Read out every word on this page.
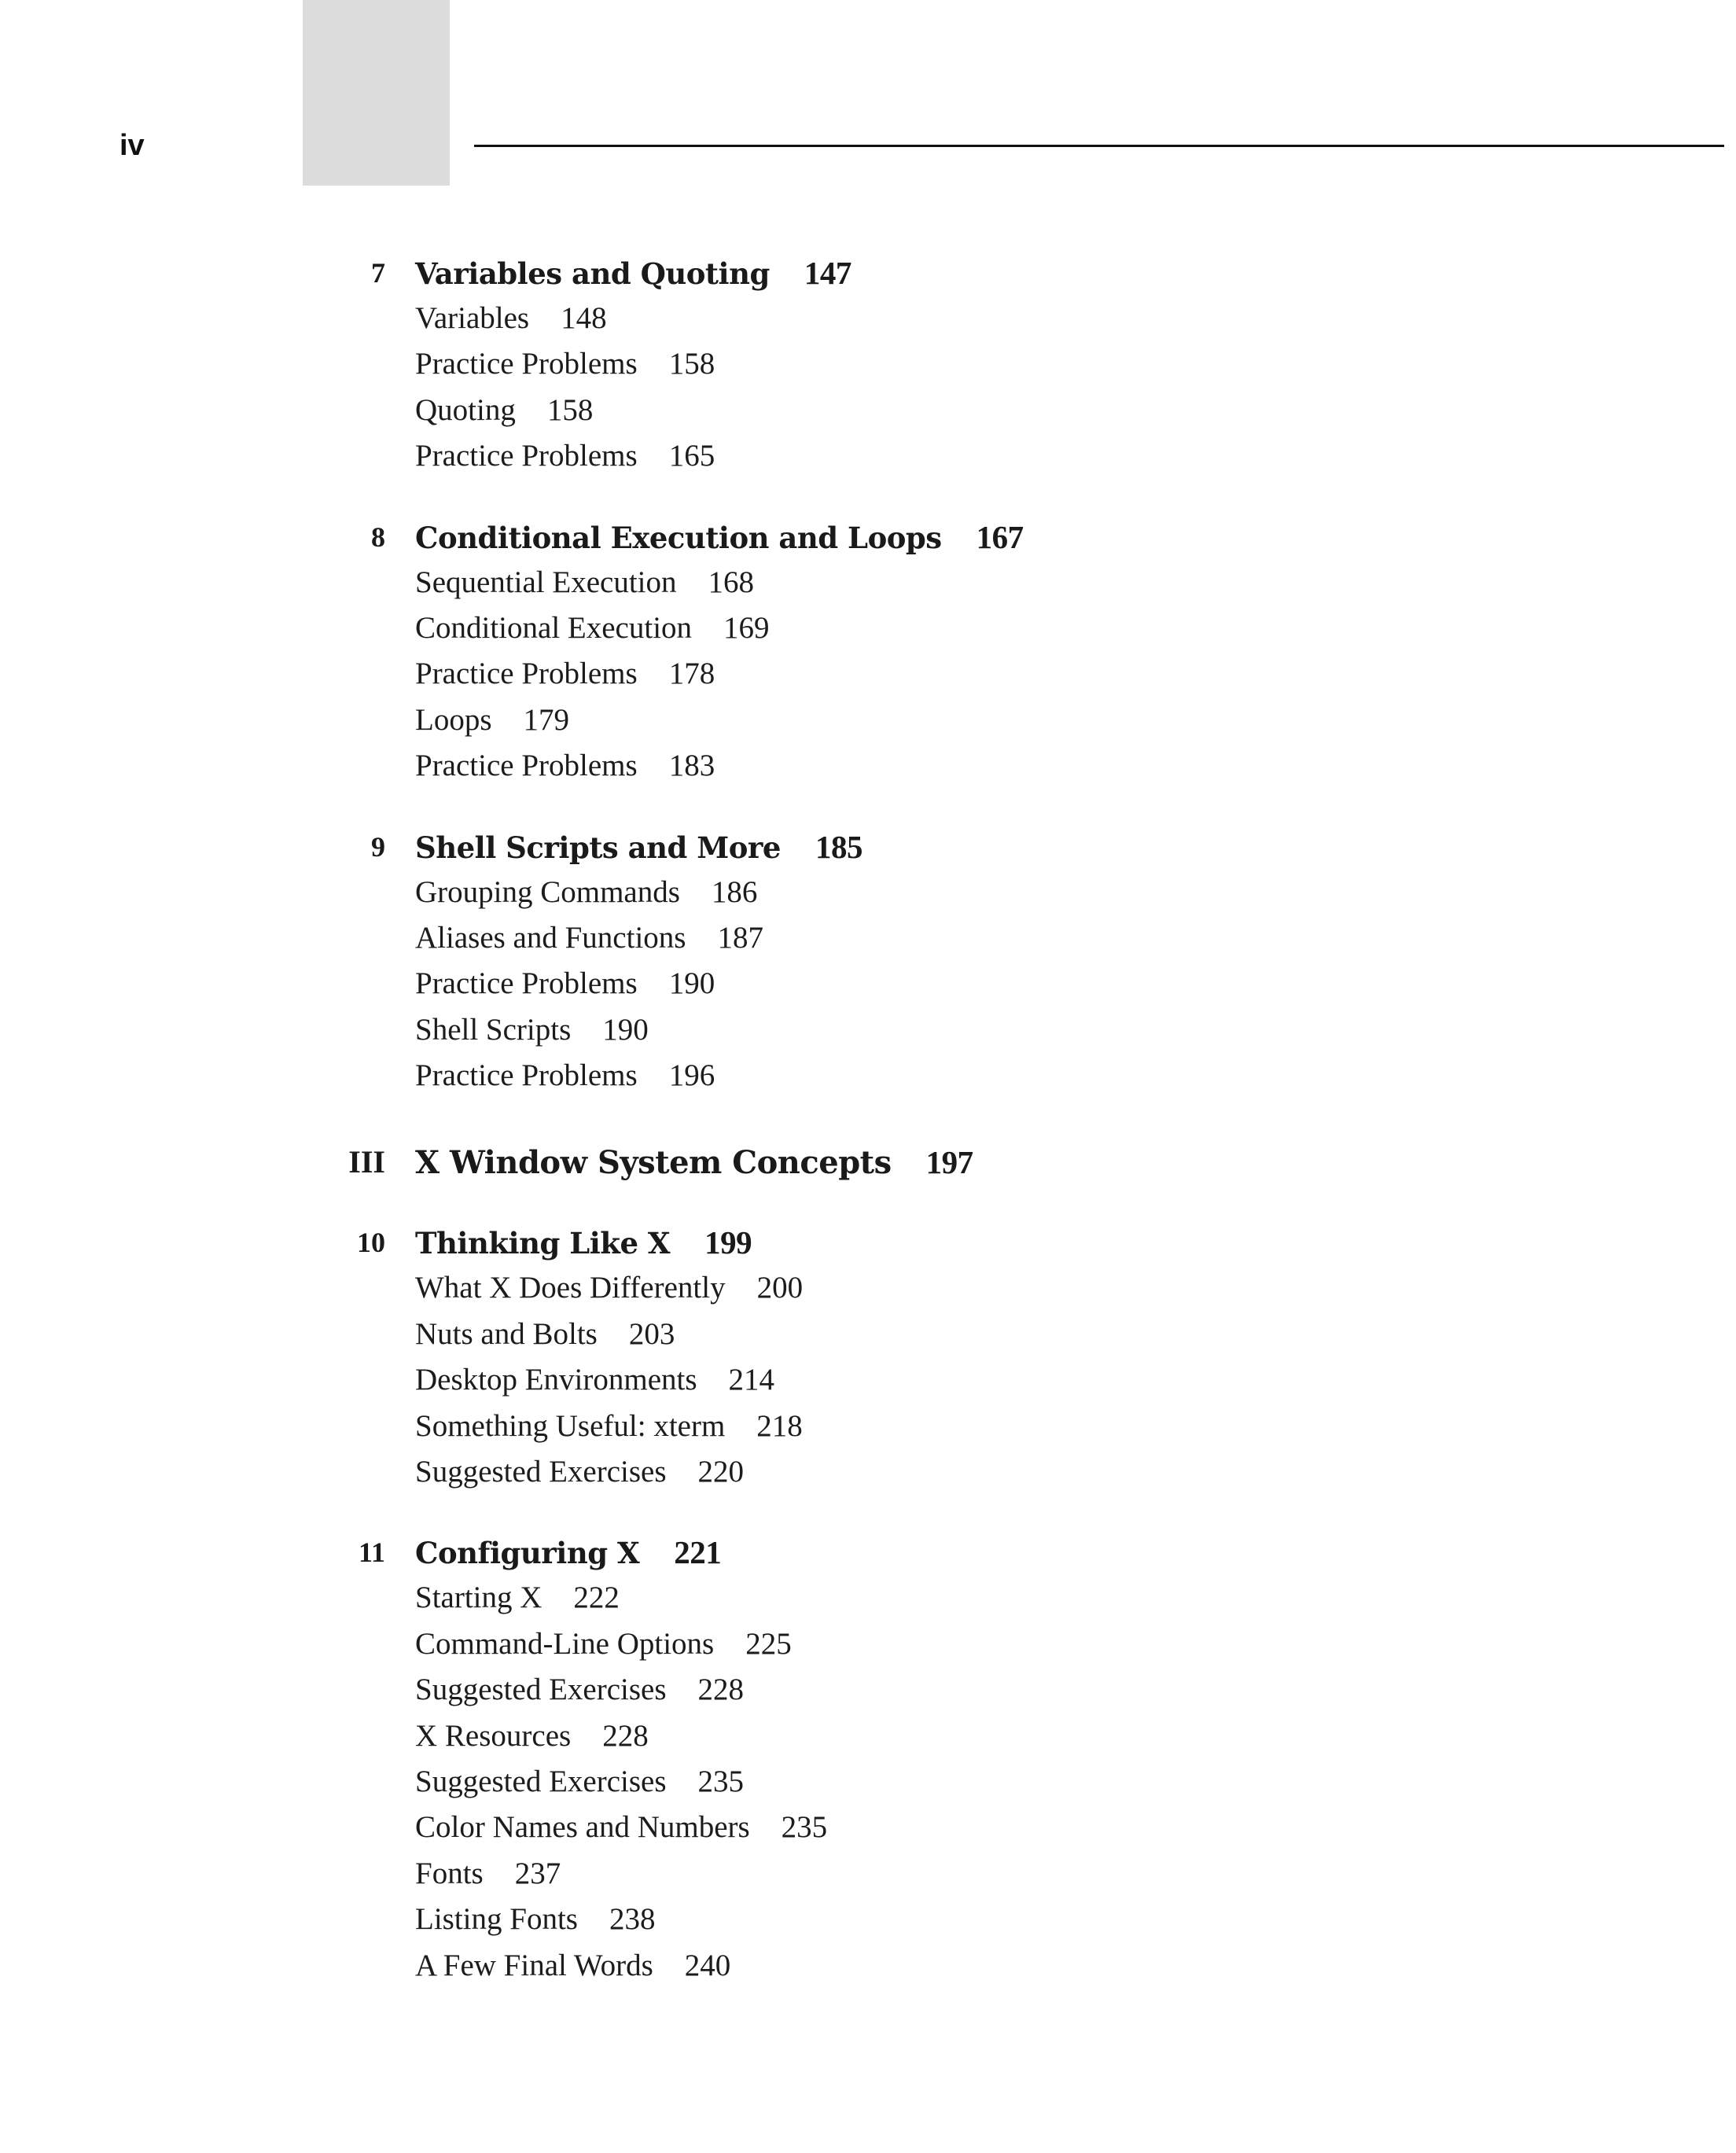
iv
7 Variables and Quoting 147
Variables 148
Practice Problems 158
Quoting 158
Practice Problems 165
8 Conditional Execution and Loops 167
Sequential Execution 168
Conditional Execution 169
Practice Problems 178
Loops 179
Practice Problems 183
9 Shell Scripts and More 185
Grouping Commands 186
Aliases and Functions 187
Practice Problems 190
Shell Scripts 190
Practice Problems 196
III X Window System Concepts 197
10 Thinking Like X 199
What X Does Differently 200
Nuts and Bolts 203
Desktop Environments 214
Something Useful: xterm 218
Suggested Exercises 220
11 Configuring X 221
Starting X 222
Command-Line Options 225
Suggested Exercises 228
X Resources 228
Suggested Exercises 235
Color Names and Numbers 235
Fonts 237
Listing Fonts 238
A Few Final Words 240
